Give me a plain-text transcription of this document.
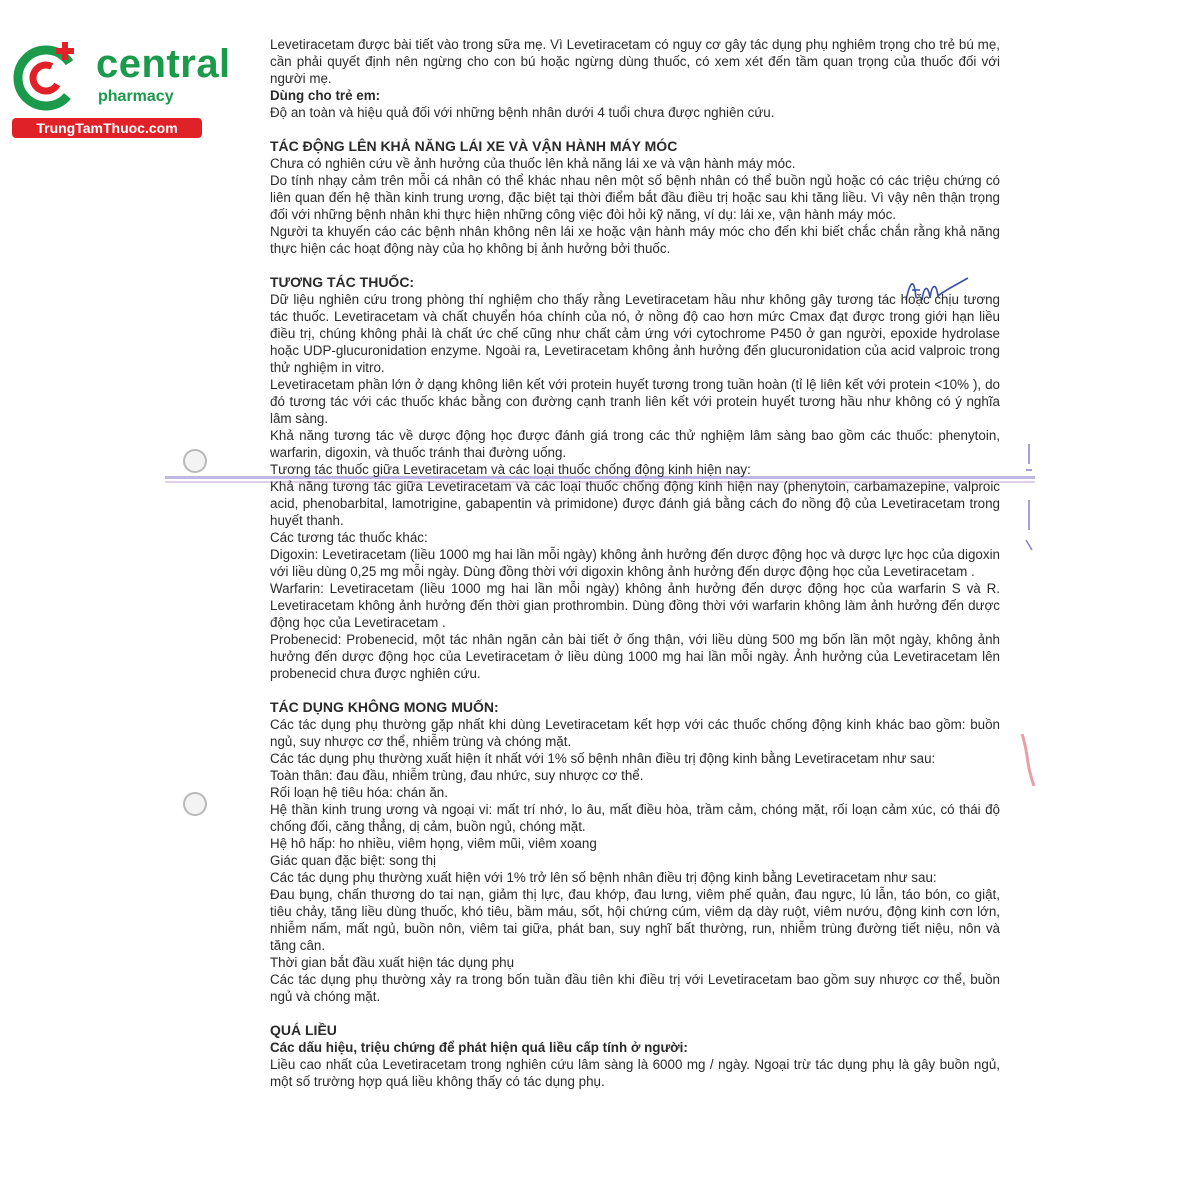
central
pharmacy
TrungTamThuoc.com

Levetiracetam được bài tiết vào trong sữa mẹ. Vì Levetiracetam có nguy cơ gây tác dụng phụ nghiêm trọng cho trẻ bú mẹ, cần phải quyết định nên ngừng cho con bú hoặc ngừng dùng thuốc, có xem xét đến tầm quan trọng của thuốc đối với người mẹ.

Dùng cho trẻ em:

Độ an toàn và hiệu quả đối với những bệnh nhân dưới 4 tuổi chưa được nghiên cứu.

TÁC ĐỘNG LÊN KHẢ NĂNG LÁI XE VÀ VẬN HÀNH MÁY MÓC

Chưa có nghiên cứu về ảnh hưởng của thuốc lên khả năng lái xe và vận hành máy móc.

Do tính nhạy cảm trên mỗi cá nhân có thể khác nhau nên một số bệnh nhân có thể buồn ngủ hoặc có các triệu chứng có liên quan đến hệ thần kinh trung ương, đặc biệt tại thời điểm bắt đầu điều trị hoặc sau khi tăng liều. Vì vậy nên thận trọng đối với những bệnh nhân khi thực hiện những công việc đòi hỏi kỹ năng, ví dụ: lái xe, vận hành máy móc.

Người ta khuyến cáo các bệnh nhân không nên lái xe hoặc vận hành máy móc cho đến khi biết chắc chắn rằng khả năng thực hiện các hoạt động này của họ không bị ảnh hưởng bởi thuốc.

TƯƠNG TÁC THUỐC:

Dữ liệu nghiên cứu trong phòng thí nghiệm cho thấy rằng Levetiracetam hầu như không gây tương tác hoặc chịu tương tác thuốc. Levetiracetam và chất chuyển hóa chính của nó, ở nồng độ cao hơn mức Cmax đạt được trong giới hạn liều điều trị, chúng không phải là chất ức chế cũng như chất cảm ứng với cytochrome P450 ở gan người, epoxide hydrolase hoặc UDP-glucuronidation enzyme. Ngoài ra, Levetiracetam không ảnh hưởng đến glucuronidation của acid valproic trong thử nghiệm in vitro.

Levetiracetam phần lớn ở dạng không liên kết với protein huyết tương trong tuần hoàn (tỉ lệ liên kết với protein <10% ), do đó tương tác với các thuốc khác bằng con đường cạnh tranh liên kết với protein huyết tương hầu như không có ý nghĩa lâm sàng.

Khả năng tương tác về dược động học được đánh giá trong các thử nghiệm lâm sàng bao gồm các thuốc: phenytoin, warfarin, digoxin, và thuốc tránh thai đường uống.

Tương tác thuốc giữa Levetiracetam và các loại thuốc chống động kinh hiện nay:

Khả năng tương tác giữa Levetiracetam và các loại thuốc chống động kinh hiện nay (phenytoin, carbamazepine, valproic acid, phenobarbital, lamotrigine, gabapentin và primidone) được đánh giá bằng cách đo nồng độ của Levetiracetam trong huyết thanh.

Các tương tác thuốc khác:

Digoxin: Levetiracetam (liều 1000 mg hai lần mỗi ngày) không ảnh hưởng đến dược động học và dược lực học của digoxin với liều dùng 0,25 mg mỗi ngày. Dùng đồng thời với digoxin không ảnh hưởng đến dược động học của Levetiracetam .

Warfarin: Levetiracetam (liều 1000 mg hai lần mỗi ngày) không ảnh hưởng đến dược động học của warfarin S và R. Levetiracetam không ảnh hưởng đến thời gian prothrombin. Dùng đồng thời với warfarin không làm ảnh hưởng đến dược động học của Levetiracetam .

Probenecid: Probenecid, một tác nhân ngăn cản bài tiết ở ống thận, với liều dùng 500 mg bốn lần một ngày, không ảnh hưởng đến dược động học của Levetiracetam ở liều dùng 1000 mg hai lần mỗi ngày. Ảnh hưởng của Levetiracetam lên probenecid chưa được nghiên cứu.

TÁC DỤNG KHÔNG MONG MUỐN:

Các tác dụng phụ thường gặp nhất khi dùng Levetiracetam kết hợp với các thuốc chống động kinh khác bao gồm: buồn ngủ, suy nhược cơ thể, nhiễm trùng và chóng mặt.

Các tác dụng phụ thường xuất hiện ít nhất với 1% số bệnh nhân điều trị động kinh bằng Levetiracetam như sau:

Toàn thân: đau đầu, nhiễm trùng, đau nhức, suy nhược cơ thể.

Rối loạn hệ tiêu hóa: chán ăn.

Hệ thần kinh trung ương và ngoại vi: mất trí nhớ, lo âu, mất điều hòa, trầm cảm, chóng mặt, rối loạn cảm xúc, có thái độ chống đối, căng thẳng, dị cảm, buồn ngủ, chóng mặt.

Hệ hô hấp: ho nhiều, viêm họng, viêm mũi, viêm xoang

Giác quan đặc biệt: song thị

Các tác dụng phụ thường xuất hiện với 1% trở lên số bệnh nhân điều trị động kinh bằng Levetiracetam như sau:

Đau bụng, chấn thương do tai nạn, giảm thị lực, đau khớp, đau lưng, viêm phế quản, đau ngực, lú lẫn, táo bón, co giật, tiêu chảy, tăng liều dùng thuốc, khó tiêu, bầm máu, sốt, hội chứng cúm, viêm dạ dày ruột, viêm nướu, động kinh cơn lớn, nhiễm nấm, mất ngủ, buồn nôn, viêm tai giữa, phát ban, suy nghĩ bất thường, run, nhiễm trùng đường tiết niệu, nôn và tăng cân.

Thời gian bắt đầu xuất hiện tác dụng phụ

Các tác dụng phụ thường xảy ra trong bốn tuần đầu tiên khi điều trị với Levetiracetam bao gồm suy nhược cơ thể, buồn ngủ và chóng mặt.

QUÁ LIỀU

Các dấu hiệu, triệu chứng để phát hiện quá liều cấp tính ở người:

Liều cao nhất của Levetiracetam trong nghiên cứu lâm sàng là 6000 mg / ngày. Ngoại trừ tác dụng phụ là gây buồn ngủ, một số trường hợp quá liều không thấy có tác dụng phụ.
